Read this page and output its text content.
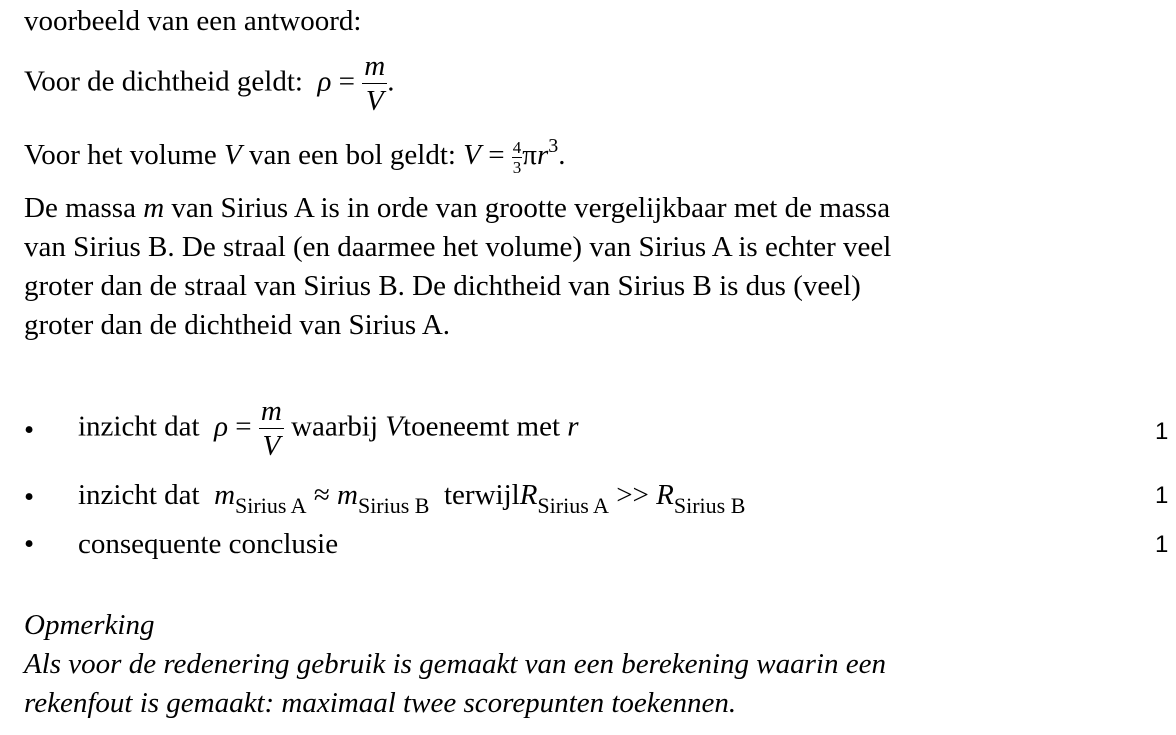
voorbeeld van een antwoord:
Voor de dichtheid geldt: $\rho = \frac{m}{V}$ .
Voor het volume V van een bol geldt: $V = \frac{4}{3} \pi r^3$.
De massa m van Sirius A is in orde van grootte vergelijkbaar met de massa
van Sirius B. De straal (en daarmee het volume) van Sirius A is echter veel
groter dan de straal van Sirius B. De dichtheid van Sirius B is dus (veel)
groter dan de dichtheid van Sirius A.
• inzicht dat $\rho = \frac{m}{V}$ waarbij Vtoeneemt met r	1
• inzicht dat $m_{Sirius A} \approx m_{Sirius B}$ terwijlR$_{Sirius A}$ >> $R_{Sirius B}$	1
• consequente conclusie	1
Opmerking
Als voor de redenering gebruik is gemaakt van een berekening waarin een
rekenfout is gemaakt: maximaal twee scorepunten toekennen.
